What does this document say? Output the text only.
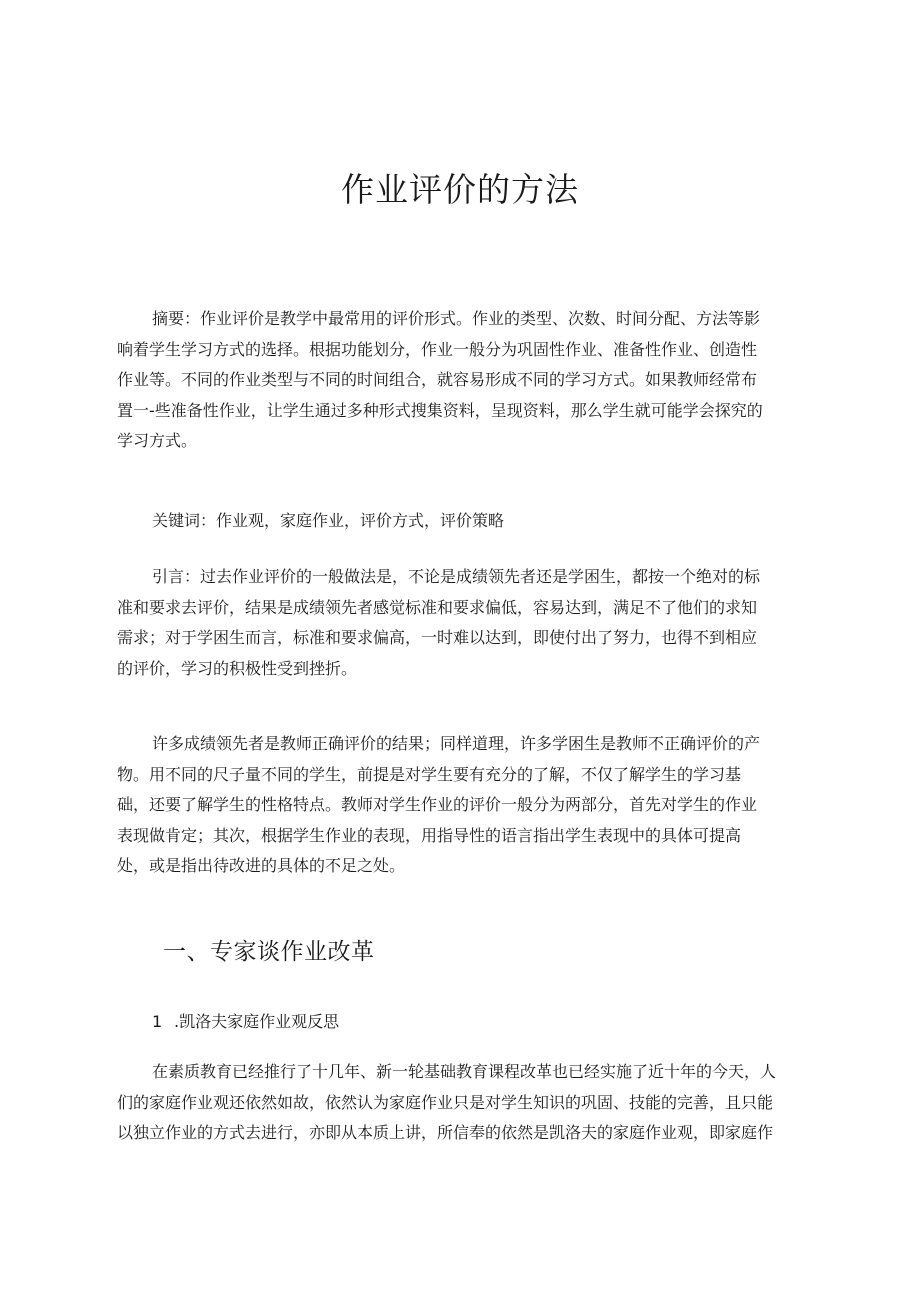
作业评价的方法
摘要：作业评价是教学中最常用的评价形式。作业的类型、次数、时间分配、方法等影
响着学生学习方式的选择。根据功能划分，作业一般分为巩固性作业、准备性作业、创造性
作业等。不同的作业类型与不同的时间组合，就容易形成不同的学习方式。如果教师经常布
置一-些准备性作业，让学生通过多种形式搜集资料，呈现资料，那么学生就可能学会探究的
学习方式。
关键词：作业观，家庭作业，评价方式，评价策略
引言：过去作业评价的一般做法是，不论是成绩领先者还是学困生，都按一个绝对的标
准和要求去评价，结果是成绩领先者感觉标准和要求偏低，容易达到，满足不了他们的求知
需求；对于学困生而言，标准和要求偏高，一时难以达到，即使付出了努力，也得不到相应
的评价，学习的积极性受到挫折。
许多成绩领先者是教师正确评价的结果；同样道理，许多学困生是教师不正确评价的产
物。用不同的尺子量不同的学生，前提是对学生要有充分的了解，不仅了解学生的学习基
础，还要了解学生的性格特点。教师对学生作业的评价一般分为两部分，首先对学生的作业
表现做肯定；其次，根据学生作业的表现，用指导性的语言指出学生表现中的具体可提高
处，或是指出待改进的具体的不足之处。
一、专家谈作业改革
1 .凯洛夫家庭作业观反思
在素质教育已经推行了十几年、新一轮基础教育课程改革也已经实施了近十年的今天，人
们的家庭作业观还依然如故，依然认为家庭作业只是对学生知识的巩固、技能的完善，且只能
以独立作业的方式去进行，亦即从本质上讲，所信奉的依然是凯洛夫的家庭作业观，即家庭作
